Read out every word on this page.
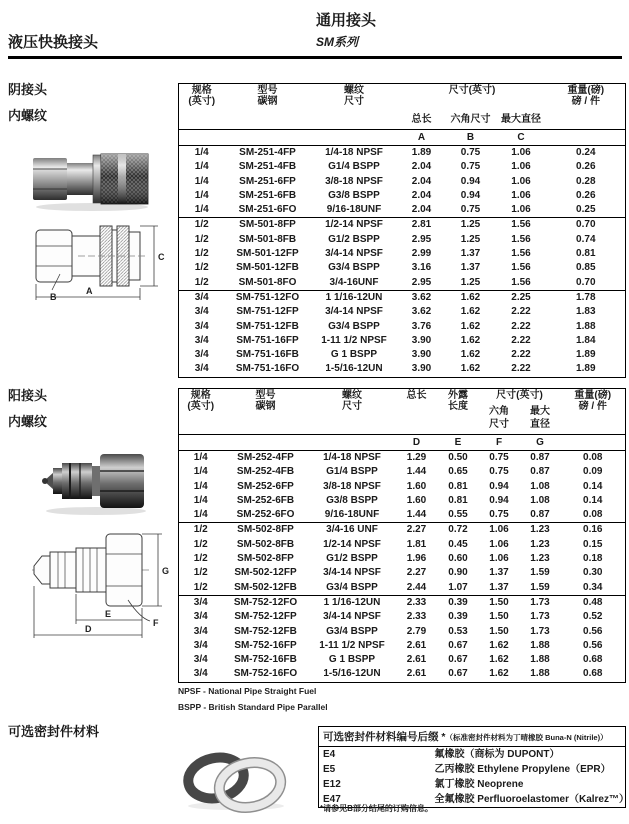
通用接头
SM系列
液压快换接头
阴接头
内螺纹
C
B
A
规格
(英寸)	型号
碳钢	螺纹
尺寸	尺寸(英寸)			重量(磅)
磅 / 件
			总长	六角尺寸	最大直径	
			A	B	C	
1/4	SM-251-4FP	1/4-18 NPSF	1.89	0.75	1.06	0.24
1/4	SM-251-4FB	G1/4 BSPP	2.04	0.75	1.06	0.26
1/4	SM-251-6FP	3/8-18 NPSF	2.04	0.94	1.06	0.28
1/4	SM-251-6FB	G3/8 BSPP	2.04	0.94	1.06	0.26
1/4	SM-251-6FO	9/16-18UNF	2.04	0.75	1.06	0.25
1/2	SM-501-8FP	1/2-14 NPSF	2.81	1.25	1.56	0.70
1/2	SM-501-8FB	G1/2 BSPP	2.95	1.25	1.56	0.74
1/2	SM-501-12FP	3/4-14 NPSF	2.99	1.37	1.56	0.81
1/2	SM-501-12FB	G3/4 BSPP	3.16	1.37	1.56	0.85
1/2	SM-501-8FO	3/4-16UNF	2.95	1.25	1.56	0.70
3/4	SM-751-12FO	1 1/16-12UN	3.62	1.62	2.25	1.78
3/4	SM-751-12FP	3/4-14 NPSF	3.62	1.62	2.22	1.83
3/4	SM-751-12FB	G3/4 BSPP	3.76	1.62	2.22	1.88
3/4	SM-751-16FP	1-11 1/2 NPSF	3.90	1.62	2.22	1.84
3/4	SM-751-16FB	G 1 BSPP	3.90	1.62	2.22	1.89
3/4	SM-751-16FO	1-5/16-12UN	3.90	1.62	2.22	1.89
阳接头
内螺纹
G
F
E
D
规格
(英寸)	型号
碳钢	螺纹
尺寸	总长	外露
长度	尺寸(英寸)		重量(磅)
磅 / 件
					六角
尺寸	最大
直径	
			D	E	F	G	
1/4	SM-252-4FP	1/4-18 NPSF	1.29	0.50	0.75	0.87	0.08
1/4	SM-252-4FB	G1/4 BSPP	1.44	0.65	0.75	0.87	0.09
1/4	SM-252-6FP	3/8-18 NPSF	1.60	0.81	0.94	1.08	0.14
1/4	SM-252-6FB	G3/8 BSPP	1.60	0.81	0.94	1.08	0.14
1/4	SM-252-6FO	9/16-18UNF	1.44	0.55	0.75	0.87	0.08
1/2	SM-502-8FP	3/4-16 UNF	2.27	0.72	1.06	1.23	0.16
1/2	SM-502-8FB	1/2-14 NPSF	1.81	0.45	1.06	1.23	0.15
1/2	SM-502-8FP	G1/2 BSPP	1.96	0.60	1.06	1.23	0.18
1/2	SM-502-12FP	3/4-14 NPSF	2.27	0.90	1.37	1.59	0.30
1/2	SM-502-12FB	G3/4 BSPP	2.44	1.07	1.37	1.59	0.34
3/4	SM-752-12FO	1 1/16-12UN	2.33	0.39	1.50	1.73	0.48
3/4	SM-752-12FP	3/4-14 NPSF	2.33	0.39	1.50	1.73	0.52
3/4	SM-752-12FB	G3/4 BSPP	2.79	0.53	1.50	1.73	0.56
3/4	SM-752-16FP	1-11 1/2 NPSF	2.61	0.67	1.62	1.88	0.56
3/4	SM-752-16FB	G 1 BSPP	2.61	0.67	1.62	1.88	0.68
3/4	SM-752-16FO	1-5/16-12UN	2.61	0.67	1.62	1.88	0.68
NPSF - National Pipe Straight Fuel
BSPP - British Standard Pipe Parallel
可选密封件材料	可选密封件材料编号后缀 *（标准密封件材料为丁晴橡胶 Buna-N (Nitrile)）	
E4	氟橡胶（商标为 DUPONT）
E5	乙丙橡胶 Ethylene Propylene（EPR）
E12	氯丁橡胶 Neoprene
E47	全氟橡胶 Perfluoroelastomer（Kalrez™）
*请参见B部分结尾的订购信息。
